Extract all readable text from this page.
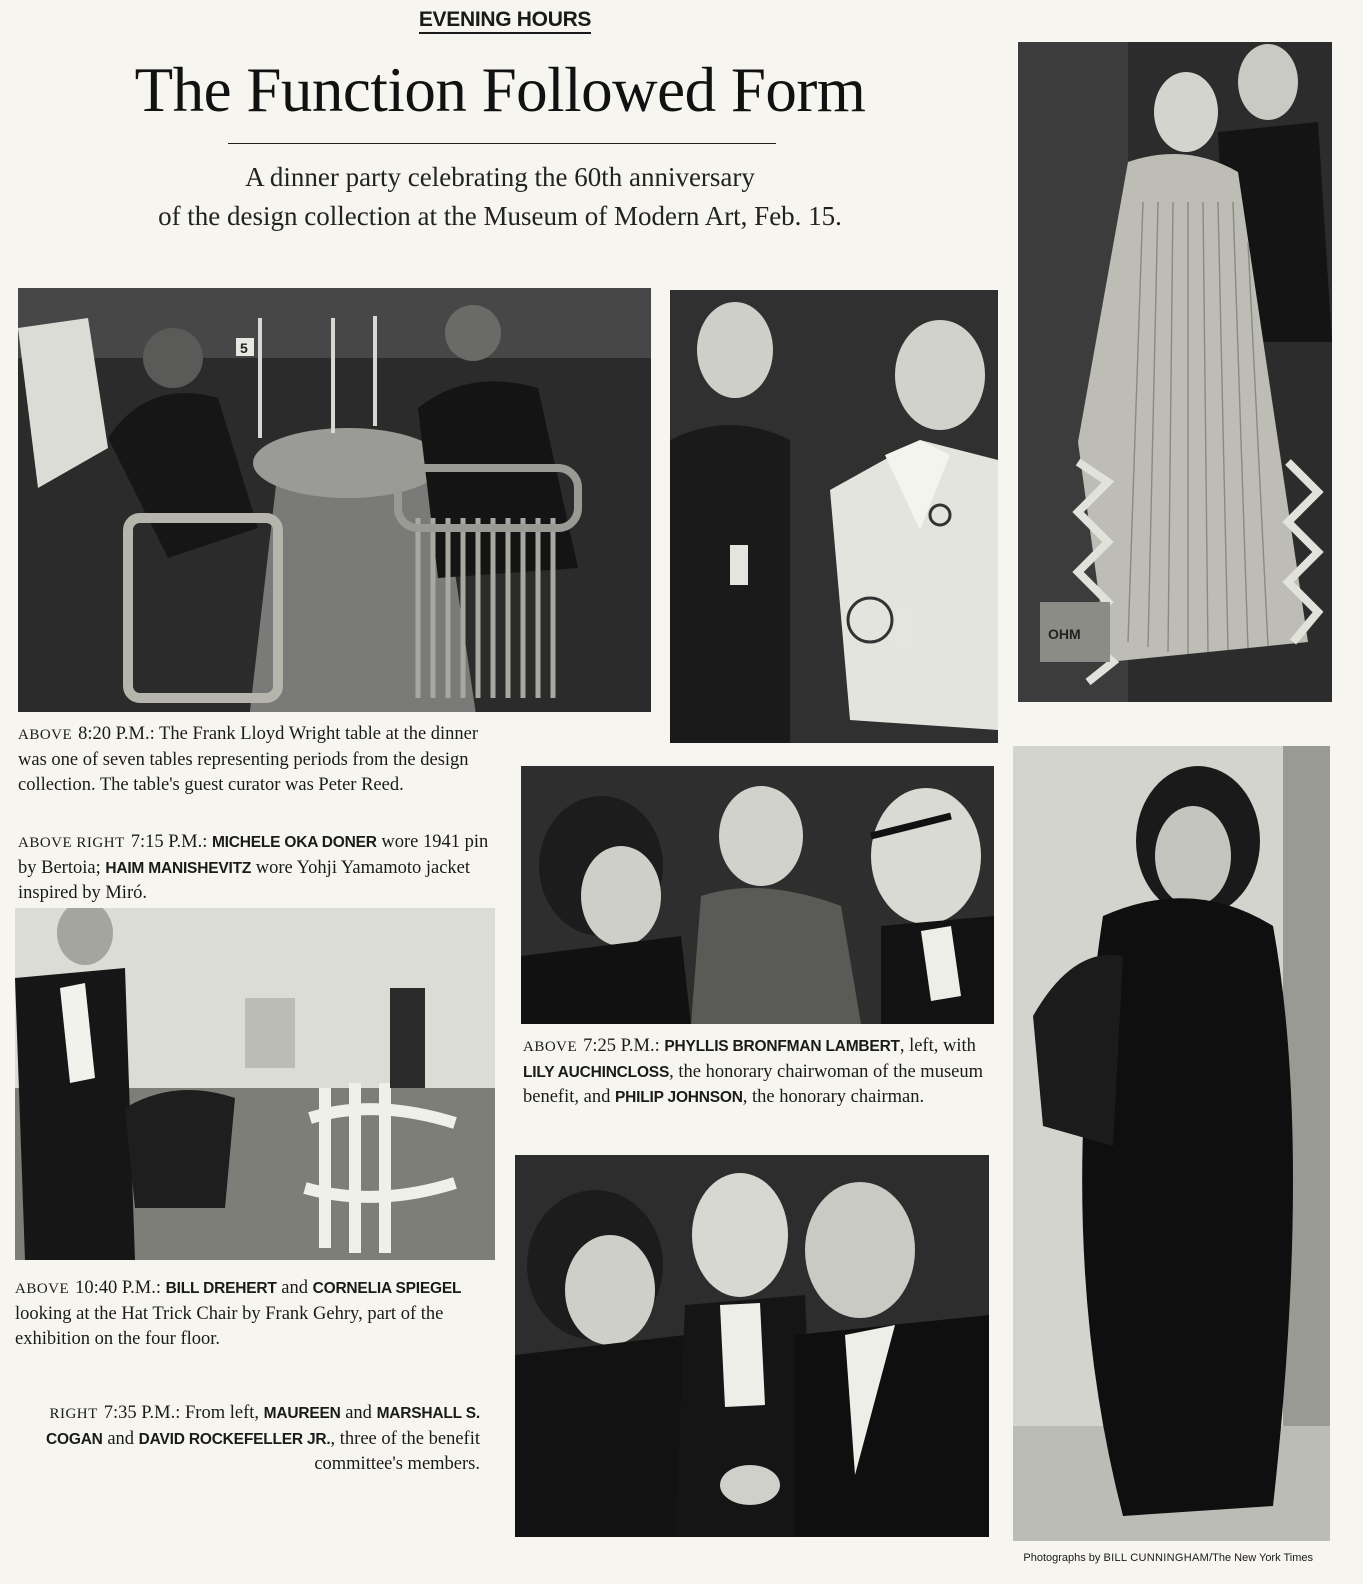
EVENING HOURS
The Function Followed Form
A dinner party celebrating the 60th anniversary
of the design collection at the Museum of Modern Art, Feb. 15.
5
OHM
ABOVE 8:20 P.M.: The Frank Lloyd Wright table at the dinner was one of seven tables representing periods from the design collection. The table's guest curator was Peter Reed.
ABOVE RIGHT 7:15 P.M.: MICHELE OKA DONER wore 1941 pin by Bertoia; HAIM MANISHEVITZ wore Yohji Yamamoto jacket inspired by Miró.
ABOVE 7:25 P.M.: PHYLLIS BRONFMAN LAMBERT, left, with LILY AUCHINCLOSS, the honorary chairwoman of the museum benefit, and PHILIP JOHNSON, the honorary chairman.
ABOVE 10:40 P.M.: BILL DREHERT and CORNELIA SPIEGEL looking at the Hat Trick Chair by Frank Gehry, part of the exhibition on the four floor.
RIGHT 7:35 P.M.: From left, MAUREEN and MARSHALL S. COGAN and DAVID ROCKEFELLER JR., three of the benefit committee's members.
Photographs by BILL CUNNINGHAM/The New York Times
